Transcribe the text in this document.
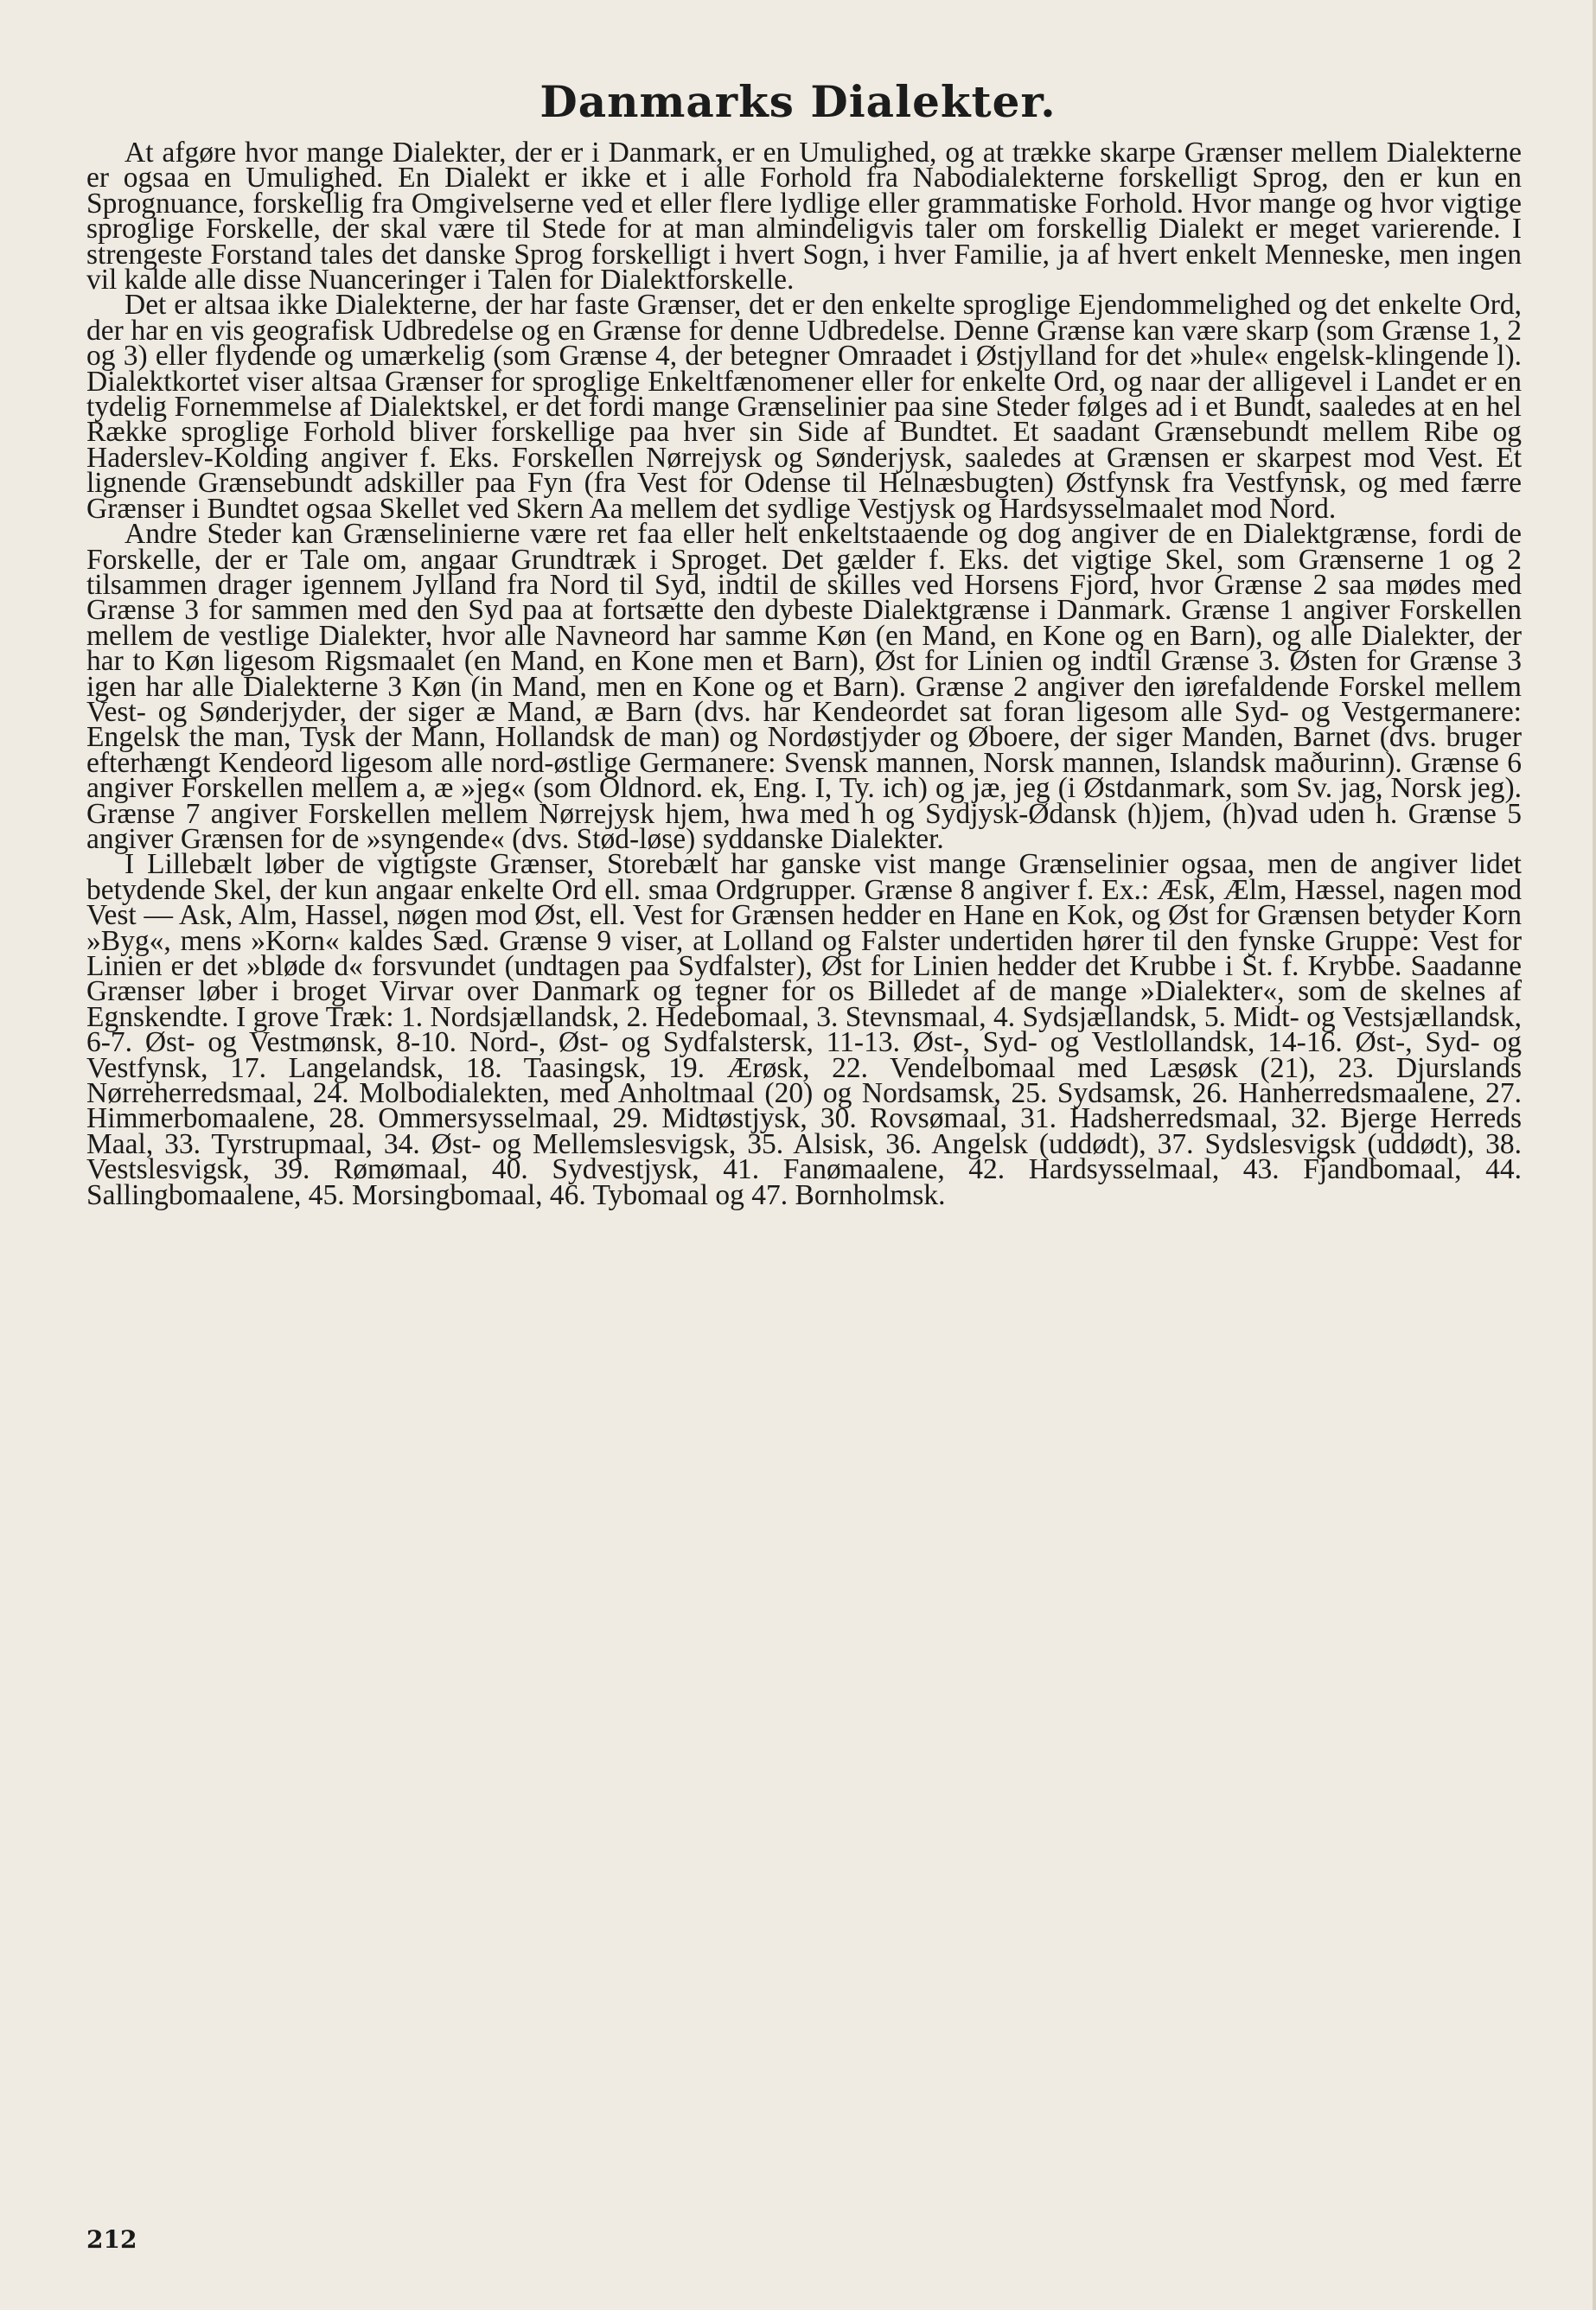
Danmarks Dialekter.

At afgøre hvor mange Dialekter, der er i Danmark, er en Umulighed, og at trække skarpe Grænser mellem Dialekterne er ogsaa en Umulighed. En Dialekt er ikke et i alle Forhold fra Nabodialekterne forskelligt Sprog, den er kun en Sprognuance, forskellig fra Omgivelserne ved et eller flere lydlige eller grammatiske Forhold. Hvor mange og hvor vigtige sproglige Forskelle, der skal være til Stede for at man almindeligvis taler om forskellig Dialekt er meget varierende. I strengeste Forstand tales det danske Sprog forskelligt i hvert Sogn, i hver Familie, ja af hvert enkelt Menneske, men ingen vil kalde alle disse Nuanceringer i Talen for Dialektforskelle.

Det er altsaa ikke Dialekterne, der har faste Grænser, det er den enkelte sproglige Ejendommelighed og det enkelte Ord, der har en vis geografisk Udbredelse og en Grænse for denne Udbredelse. Denne Grænse kan være skarp (som Grænse 1, 2 og 3) eller flydende og umærkelig (som Grænse 4, der betegner Omraadet i Østjylland for det »hule« engelsk-klingende l). Dialektkortet viser altsaa Grænser for sproglige Enkeltfænomener eller for enkelte Ord, og naar der alligevel i Landet er en tydelig Fornemmelse af Dialektskel, er det fordi mange Grænselinier paa sine Steder følges ad i et Bundt, saaledes at en hel Række sproglige Forhold bliver forskellige paa hver sin Side af Bundtet. Et saadant Grænsebundt mellem Ribe og Haderslev-Kolding angiver f. Eks. Forskellen Nørrejysk og Sønderjysk, saaledes at Grænsen er skarpest mod Vest. Et lignende Grænsebundt adskiller paa Fyn (fra Vest for Odense til Helnæsbugten) Østfynsk fra Vestfynsk, og med færre Grænser i Bundtet ogsaa Skellet ved Skern Aa mellem det sydlige Vestjysk og Hardsysselmaalet mod Nord.

Andre Steder kan Grænselinierne være ret faa eller helt enkeltstaaende og dog angiver de en Dialektgrænse, fordi de Forskelle, der er Tale om, angaar Grundtræk i Sproget. Det gælder f. Eks. det vigtige Skel, som Grænserne 1 og 2 tilsammen drager igennem Jylland fra Nord til Syd, indtil de skilles ved Horsens Fjord, hvor Grænse 2 saa mødes med Grænse 3 for sammen med den Syd paa at fortsætte den dybeste Dialektgrænse i Danmark. Grænse 1 angiver Forskellen mellem de vestlige Dialekter, hvor alle Navneord har samme Køn (en Mand, en Kone og en Barn), og alle Dialekter, der har to Køn ligesom Rigsmaalet (en Mand, en Kone men et Barn), Øst for Linien og indtil Grænse 3. Østen for Grænse 3 igen har alle Dialekterne 3 Køn (in Mand, men en Kone og et Barn). Grænse 2 angiver den iørefaldende Forskel mellem Vest- og Sønderjyder, der siger æ Mand, æ Barn (dvs. har Kendeordet sat foran ligesom alle Syd- og Vestgermanere: Engelsk the man, Tysk der Mann, Hollandsk de man) og Nordøstjyder og Øboere, der siger Manden, Barnet (dvs. bruger efterhængt Kendeord ligesom alle nord-østlige Germanere: Svensk mannen, Norsk mannen, Islandsk maðurinn). Grænse 6 angiver Forskellen mellem a, æ »jeg« (som Oldnord. ek, Eng. I, Ty. ich) og jæ, jeg (i Østdanmark, som Sv. jag, Norsk jeg). Grænse 7 angiver Forskellen mellem Nørrejysk hjem, hwa med h og Sydjysk-Ødansk (h)jem, (h)vad uden h. Grænse 5 angiver Grænsen for de »syngende« (dvs. Stød-løse) syddanske Dialekter.

I Lillebælt løber de vigtigste Grænser, Storebælt har ganske vist mange Grænselinier ogsaa, men de angiver lidet betydende Skel, der kun angaar enkelte Ord ell. smaa Ordgrupper. Grænse 8 angiver f. Ex.: Æsk, Ælm, Hæssel, nagen mod Vest — Ask, Alm, Hassel, nøgen mod Øst, ell. Vest for Grænsen hedder en Hane en Kok, og Øst for Grænsen betyder Korn »Byg«, mens »Korn« kaldes Sæd. Grænse 9 viser, at Lolland og Falster undertiden hører til den fynske Gruppe: Vest for Linien er det »bløde d« forsvundet (undtagen paa Sydfalster), Øst for Linien hedder det Krubbe i St. f. Krybbe. Saadanne Grænser løber i broget Virvar over Danmark og tegner for os Billedet af de mange »Dialekter«, som de skelnes af Egnskendte. I grove Træk: 1. Nordsjællandsk, 2. Hedebomaal, 3. Stevnsmaal, 4. Sydsjællandsk, 5. Midt- og Vestsjællandsk, 6-7. Øst- og Vestmønsk, 8-10. Nord-, Øst- og Sydfalstersk, 11-13. Øst-, Syd- og Vestlollandsk, 14-16. Øst-, Syd- og Vestfynsk, 17. Langelandsk, 18. Taasingsk, 19. Ærøsk, 22. Vendelbomaal med Læsøsk (21), 23. Djurslands Nørreherredsmaal, 24. Molbodialekten, med Anholtmaal (20) og Nordsamsk, 25. Sydsamsk, 26. Hanherredsmaalene, 27. Himmerbomaalene, 28. Ommersysselmaal, 29. Midtøstjysk, 30. Rovsømaal, 31. Hadsherredsmaal, 32. Bjerge Herreds Maal, 33. Tyrstrupmaal, 34. Øst- og Mellemslesvigsk, 35. Alsisk, 36. Angelsk (uddødt), 37. Sydslesvigsk (uddødt), 38. Vestslesvigsk, 39. Rømømaal, 40. Sydvestjysk, 41. Fanømaalene, 42. Hardsysselmaal, 43. Fjandbomaal, 44. Sallingbomaalene, 45. Morsingbomaal, 46. Tybomaal og 47. Bornholmsk.

212
